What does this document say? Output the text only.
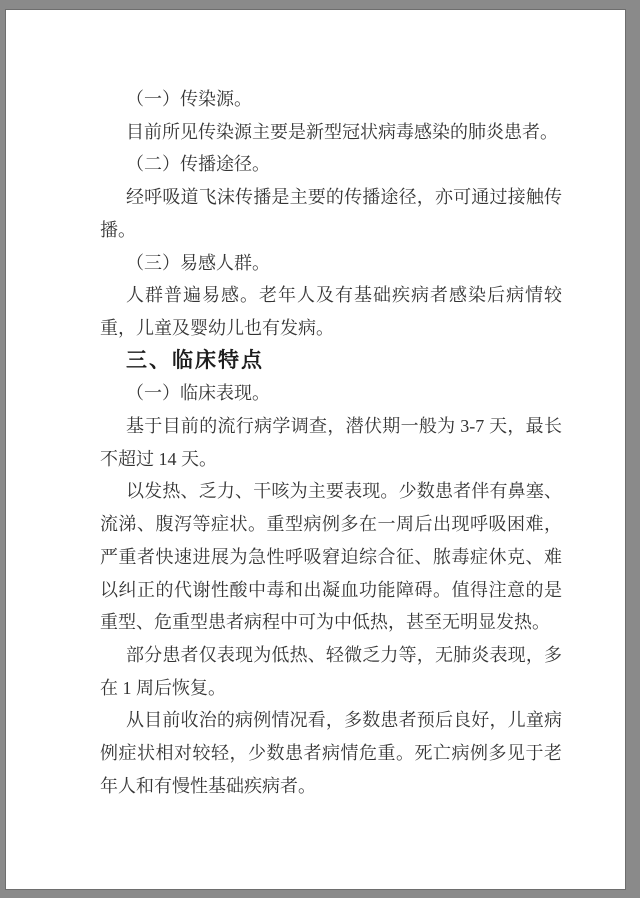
（一）传染源。

目前所见传染源主要是新型冠状病毒感染的肺炎患者。

（二）传播途径。

经呼吸道飞沫传播是主要的传播途径，亦可通过接触传播。

（三）易感人群。

人群普遍易感。老年人及有基础疾病者感染后病情较重，儿童及婴幼儿也有发病。

三、临床特点

（一）临床表现。

基于目前的流行病学调查，潜伏期一般为 3-7 天，最长不超过 14 天。

以发热、乏力、干咳为主要表现。少数患者伴有鼻塞、流涕、腹泻等症状。重型病例多在一周后出现呼吸困难，严重者快速进展为急性呼吸窘迫综合征、脓毒症休克、难以纠正的代谢性酸中毒和出凝血功能障碍。值得注意的是重型、危重型患者病程中可为中低热，甚至无明显发热。

部分患者仅表现为低热、轻微乏力等，无肺炎表现，多在 1 周后恢复。

从目前收治的病例情况看，多数患者预后良好，儿童病例症状相对较轻，少数患者病情危重。死亡病例多见于老年人和有慢性基础疾病者。
